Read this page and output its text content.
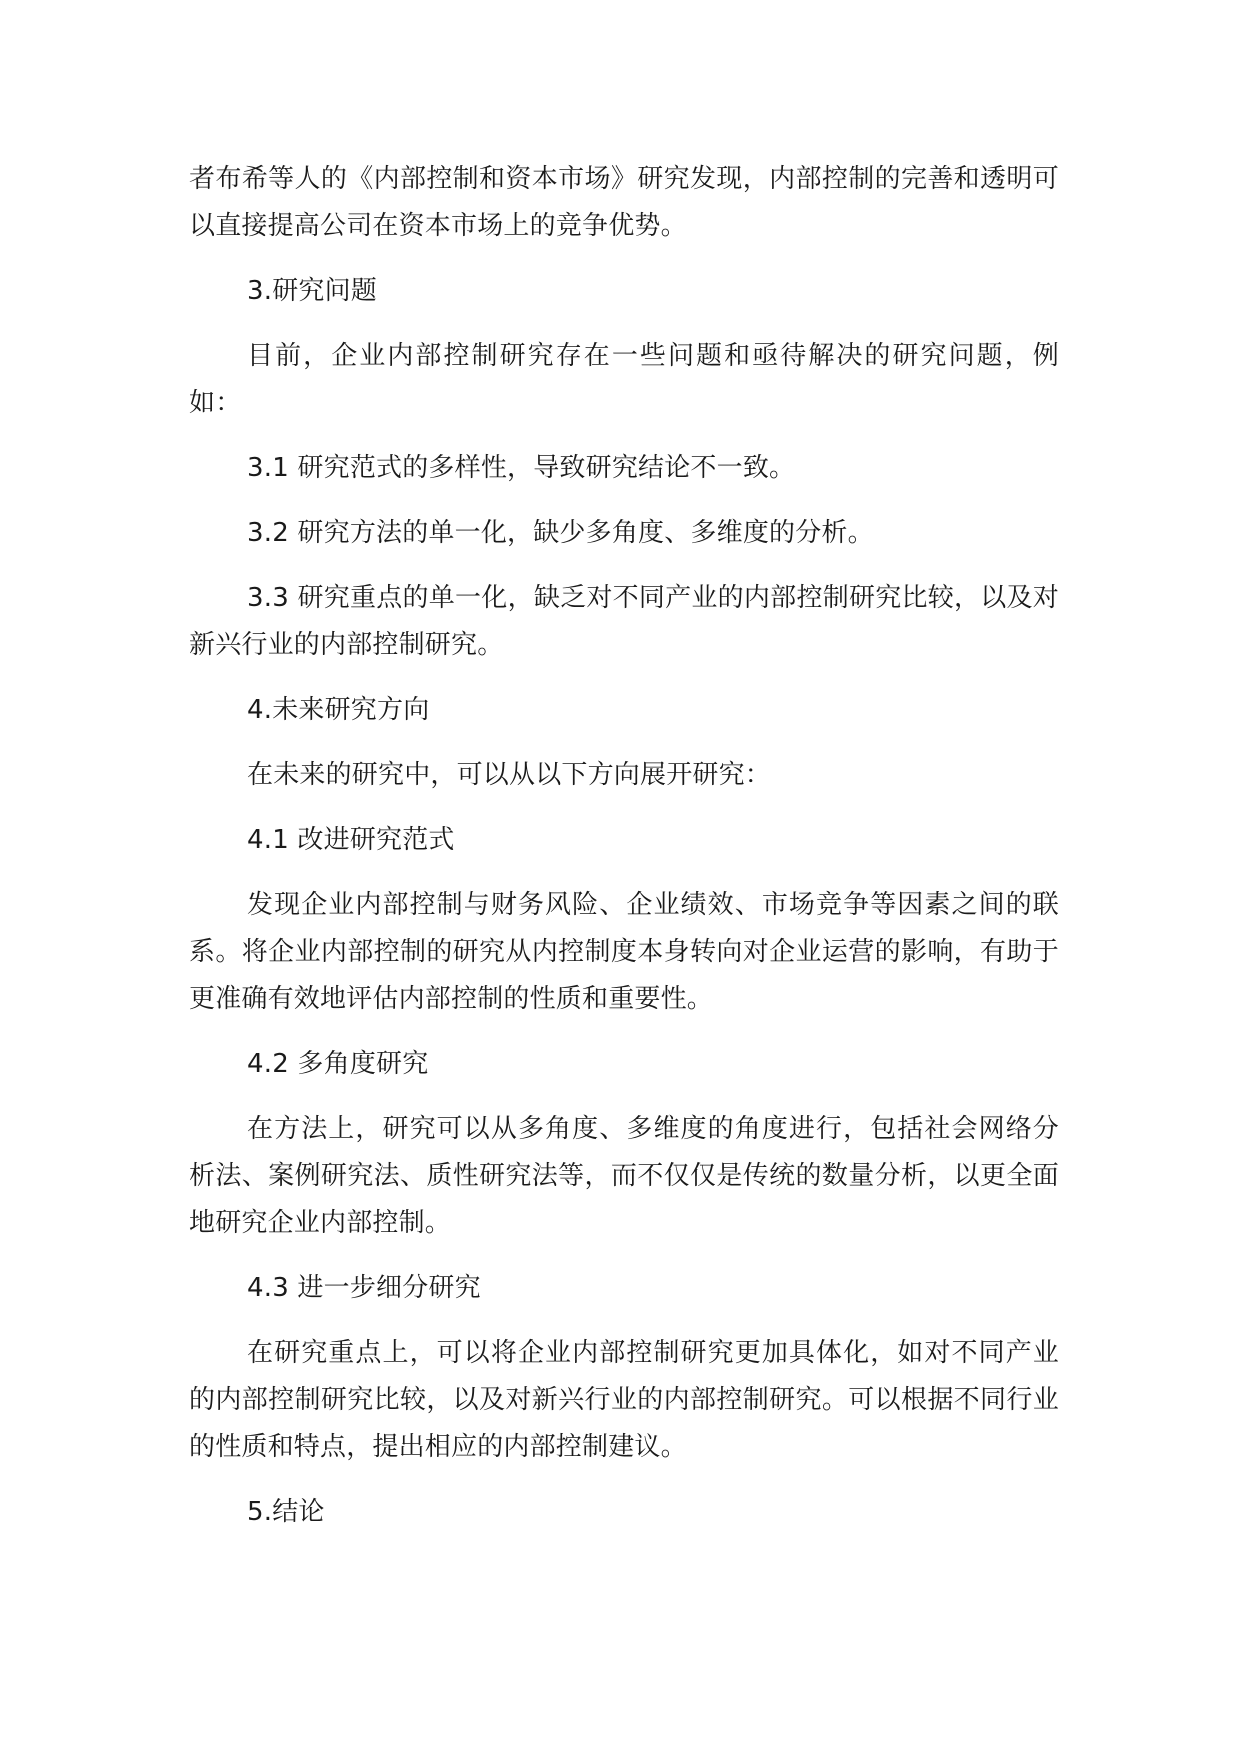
者布希等人的《内部控制和资本市场》研究发现，内部控制的完善和透明可以直接提高公司在资本市场上的竞争优势。

3.研究问题

目前，企业内部控制研究存在一些问题和亟待解决的研究问题，例如：

3.1 研究范式的多样性，导致研究结论不一致。

3.2 研究方法的单一化，缺少多角度、多维度的分析。

3.3 研究重点的单一化，缺乏对不同产业的内部控制研究比较，以及对新兴行业的内部控制研究。

4.未来研究方向

在未来的研究中，可以从以下方向展开研究：

4.1 改进研究范式

发现企业内部控制与财务风险、企业绩效、市场竞争等因素之间的联系。将企业内部控制的研究从内控制度本身转向对企业运营的影响，有助于更准确有效地评估内部控制的性质和重要性。

4.2 多角度研究

在方法上，研究可以从多角度、多维度的角度进行，包括社会网络分析法、案例研究法、质性研究法等，而不仅仅是传统的数量分析，以更全面地研究企业内部控制。

4.3 进一步细分研究

在研究重点上，可以将企业内部控制研究更加具体化，如对不同产业的内部控制研究比较，以及对新兴行业的内部控制研究。可以根据不同行业的性质和特点，提出相应的内部控制建议。

5.结论
